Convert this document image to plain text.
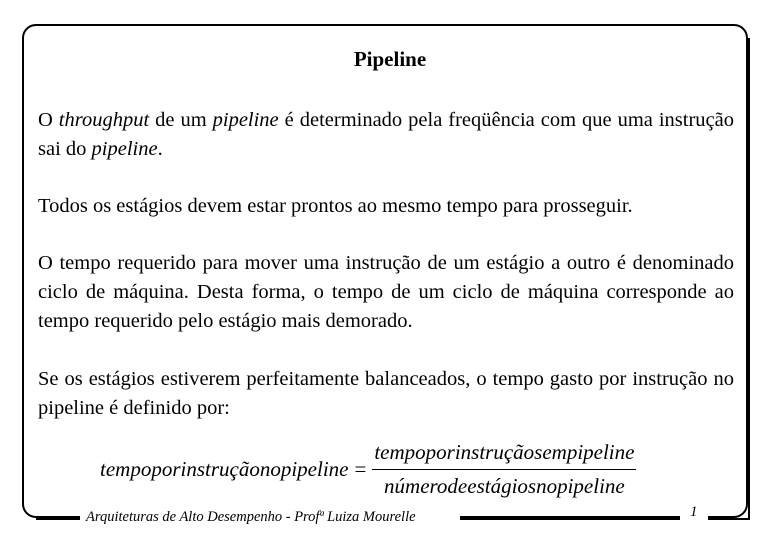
Pipeline

O throughput de um pipeline é determinado pela freqüência com que uma instrução sai do pipeline.

Todos os estágios devem estar prontos ao mesmo tempo para prosseguir.

O tempo requerido para mover uma instrução de um estágio a outro é denominado ciclo de máquina. Desta forma, o tempo de um ciclo de máquina corresponde ao tempo requerido pelo estágio mais demorado.

Se os estágios estiverem perfeitamente balanceados, o tempo gasto por instrução no pipeline é definido por:

tempoporinstruçãonopipeline = $\frac{\text{tempoporinstruçãosempipeline}}{\text{númerodeestágiosnopipeline}}$
Arquiteturas de Alto Desempenho - Profª Luiza Mourelle	1
